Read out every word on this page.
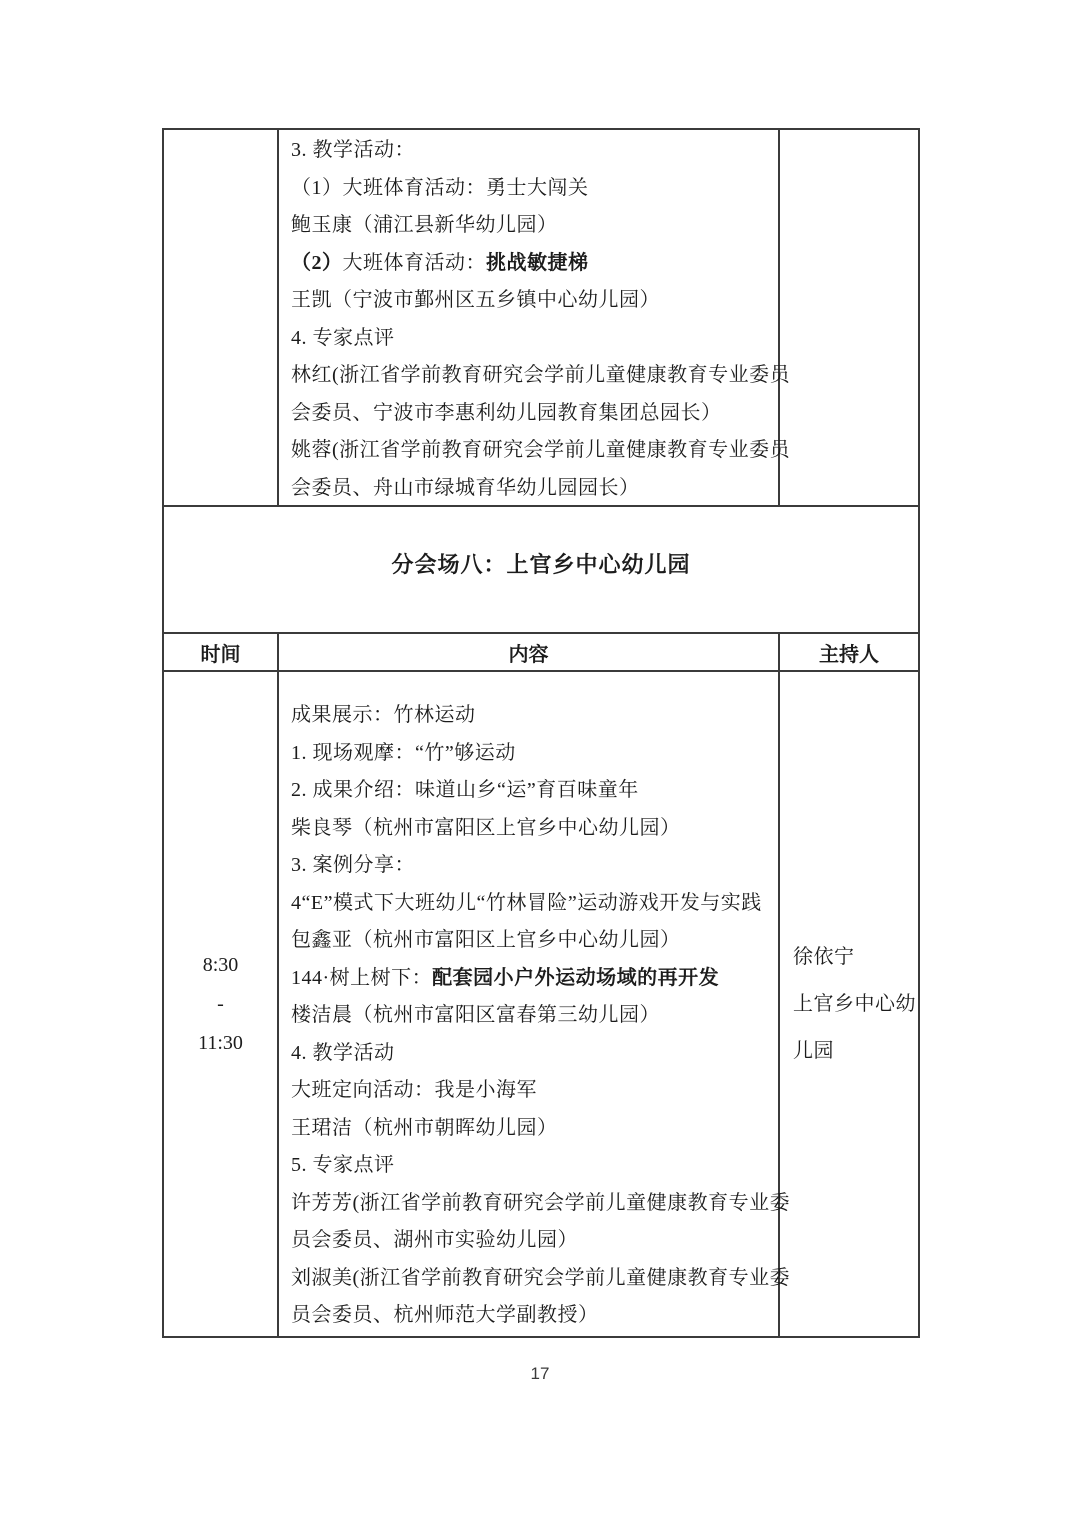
3. 教学活动：
（1）大班体育活动：勇士大闯关
鲍玉康（浦江县新华幼儿园）
（2）大班体育活动：挑战敏捷梯
王凯（宁波市鄞州区五乡镇中心幼儿园）
4. 专家点评
林红(浙江省学前教育研究会学前儿童健康教育专业委员
会委员、宁波市李惠利幼儿园教育集团总园长）
姚蓉(浙江省学前教育研究会学前儿童健康教育专业委员
会委员、舟山市绿城育华幼儿园园长）
分会场八：上官乡中心幼儿园
时间	内容	主持人
8:30
-
11:30
成果展示：竹林运动
1. 现场观摩：“竹”够运动
2. 成果介绍：味道山乡“运”育百味童年
柴良琴（杭州市富阳区上官乡中心幼儿园）
3. 案例分享：
4“E”模式下大班幼儿“竹林冒险”运动游戏开发与实践
包鑫亚（杭州市富阳区上官乡中心幼儿园）
144·树上树下：配套园小户外运动场域的再开发
楼洁晨（杭州市富阳区富春第三幼儿园）
4. 教学活动
大班定向活动：我是小海军
王珺洁（杭州市朝晖幼儿园）
5. 专家点评
许芳芳(浙江省学前教育研究会学前儿童健康教育专业委
员会委员、湖州市实验幼儿园）
刘淑美(浙江省学前教育研究会学前儿童健康教育专业委
员会委员、杭州师范大学副教授）
徐依宁
上官乡中心幼
儿园
17
